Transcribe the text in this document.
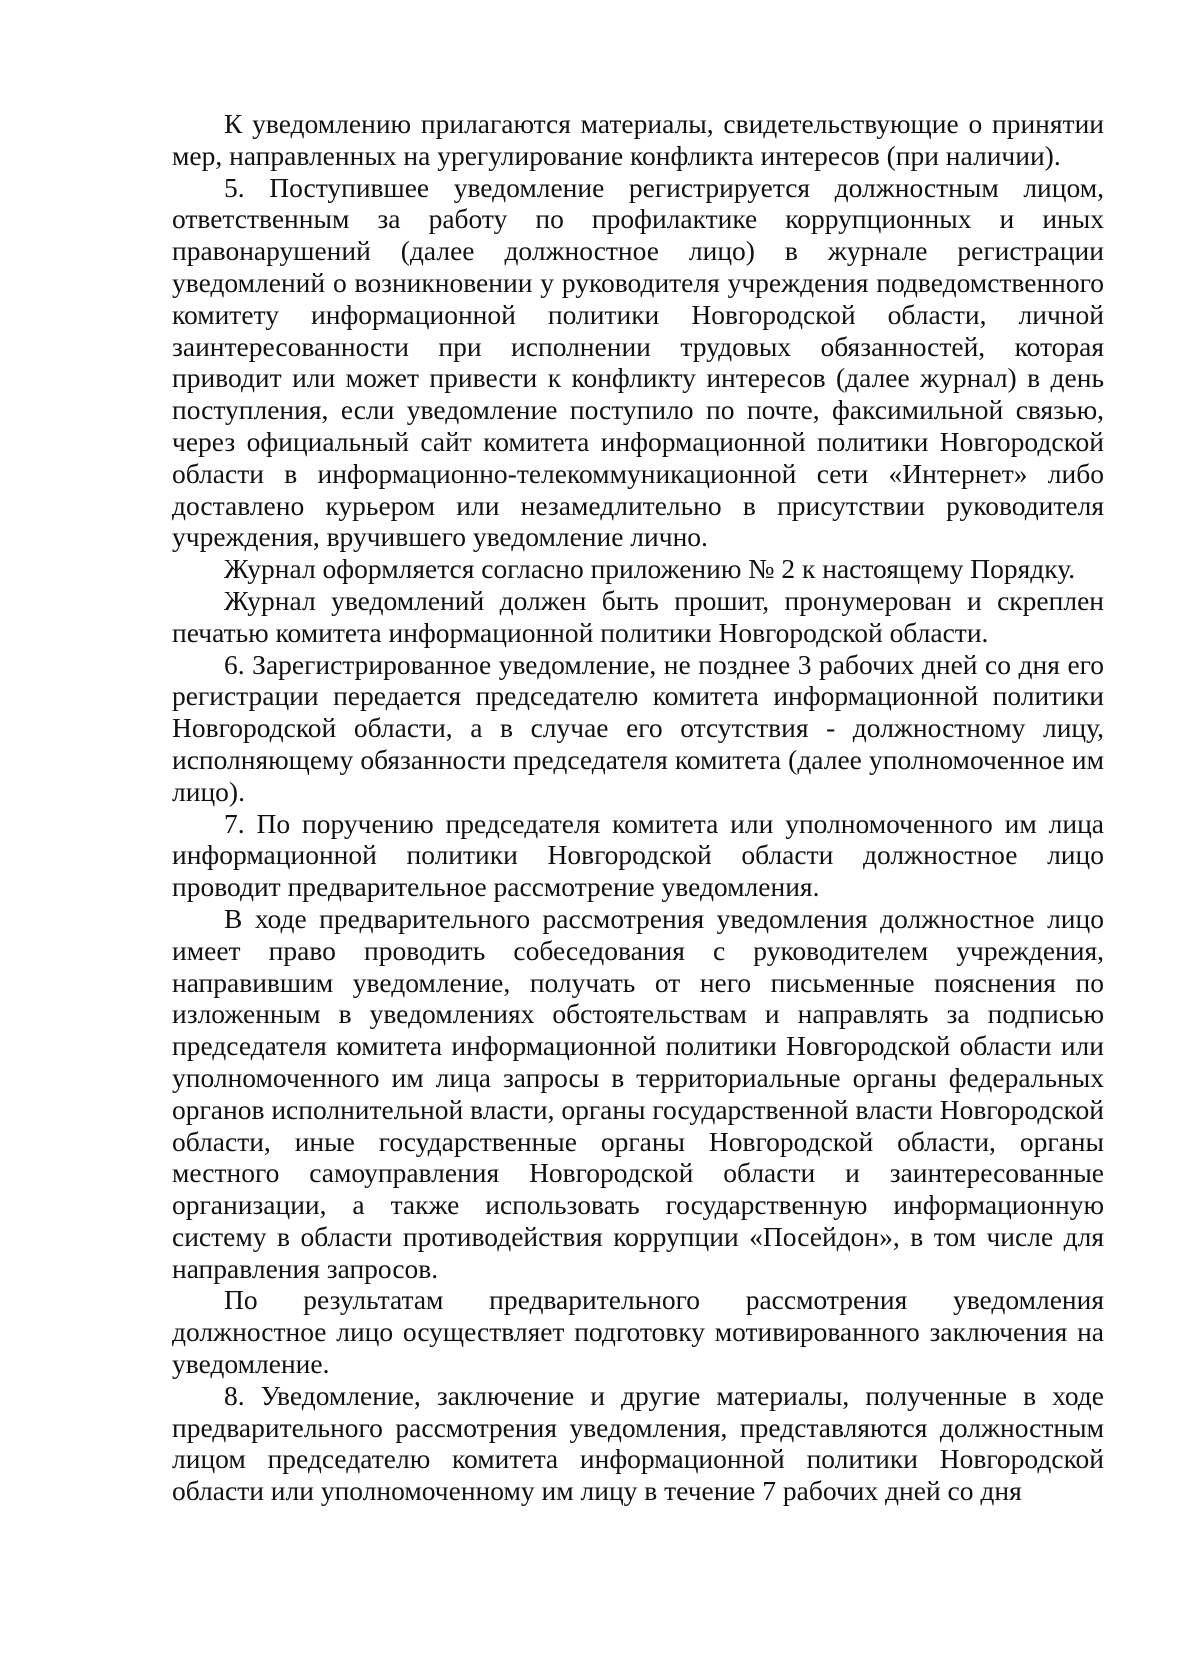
К уведомлению прилагаются материалы, свидетельствующие о принятии мер, направленных на урегулирование конфликта интересов (при наличии).

5. Поступившее уведомление регистрируется должностным лицом, ответственным за работу по профилактике коррупционных и иных правонарушений (далее должностное лицо) в журнале регистрации уведомлений о возникновении у руководителя учреждения подведомственного комитету информационной политики Новгородской области, личной заинтересованности при исполнении трудовых обязанностей, которая приводит или может привести к конфликту интересов (далее журнал) в день поступления, если уведомление поступило по почте, факсимильной связью, через официальный сайт комитета информационной политики Новгородской области в информационно-телекоммуникационной сети «Интернет» либо доставлено курьером или незамедлительно в присутствии руководителя учреждения, вручившего уведомление лично.

Журнал оформляется согласно приложению № 2 к настоящему Порядку.

Журнал уведомлений должен быть прошит, пронумерован и скреплен печатью комитета информационной политики Новгородской области.

6. Зарегистрированное уведомление, не позднее 3 рабочих дней со дня его регистрации передается председателю комитета информационной политики Новгородской области, а в случае его отсутствия - должностному лицу, исполняющему обязанности председателя комитета (далее уполномоченное им лицо).

7. По поручению председателя комитета или уполномоченного им лица информационной политики Новгородской области должностное лицо проводит предварительное рассмотрение уведомления.

В ходе предварительного рассмотрения уведомления должностное лицо имеет право проводить собеседования с руководителем учреждения, направившим уведомление, получать от него письменные пояснения по изложенным в уведомлениях обстоятельствам и направлять за подписью председателя комитета информационной политики Новгородской области или уполномоченного им лица запросы в территориальные органы федеральных органов исполнительной власти, органы государственной власти Новгородской области, иные государственные органы Новгородской области, органы местного самоуправления Новгородской области и заинтересованные организации, а также использовать государственную информационную систему в области противодействия коррупции «Посейдон», в том числе для направления запросов.

По результатам предварительного рассмотрения уведомления должностное лицо осуществляет подготовку мотивированного заключения на уведомление.

8. Уведомление, заключение и другие материалы, полученные в ходе предварительного рассмотрения уведомления, представляются должностным лицом председателю комитета информационной политики Новгородской области или уполномоченному им лицу в течение 7 рабочих дней со дня
